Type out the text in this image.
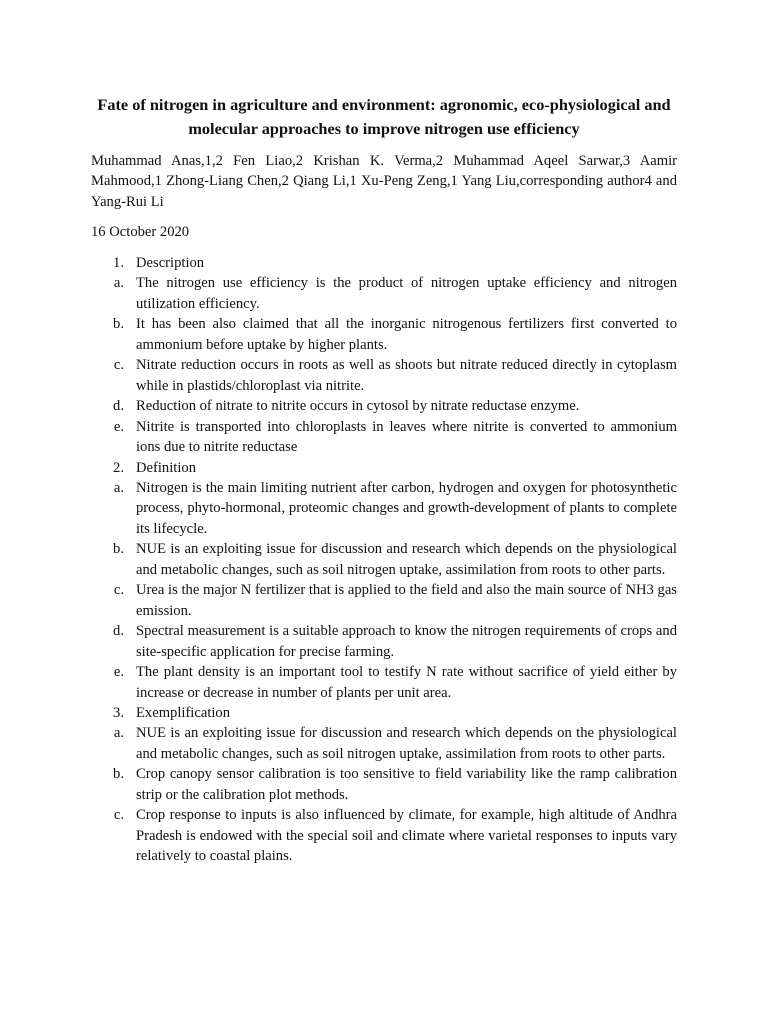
Fate of nitrogen in agriculture and environment: agronomic, eco-physiological and molecular approaches to improve nitrogen use efficiency
Muhammad Anas,1,2 Fen Liao,2 Krishan K. Verma,2 Muhammad Aqeel Sarwar,3 Aamir Mahmood,1 Zhong-Liang Chen,2 Qiang Li,1 Xu-Peng Zeng,1 Yang Liu,corresponding author4 and Yang-Rui Li
16 October 2020
1. Description
a. The nitrogen use efficiency is the product of nitrogen uptake efficiency and nitrogen utilization efficiency.
b. It has been also claimed that all the inorganic nitrogenous fertilizers first converted to ammonium before uptake by higher plants.
c. Nitrate reduction occurs in roots as well as shoots but nitrate reduced directly in cytoplasm while in plastids/chloroplast via nitrite.
d. Reduction of nitrate to nitrite occurs in cytosol by nitrate reductase enzyme.
e. Nitrite is transported into chloroplasts in leaves where nitrite is converted to ammonium ions due to nitrite reductase
2. Definition
a. Nitrogen is the main limiting nutrient after carbon, hydrogen and oxygen for photosynthetic process, phyto-hormonal, proteomic changes and growth-development of plants to complete its lifecycle.
b. NUE is an exploiting issue for discussion and research which depends on the physiological and metabolic changes, such as soil nitrogen uptake, assimilation from roots to other parts.
c. Urea is the major N fertilizer that is applied to the field and also the main source of NH3 gas emission.
d. Spectral measurement is a suitable approach to know the nitrogen requirements of crops and site-specific application for precise farming.
e. The plant density is an important tool to testify N rate without sacrifice of yield either by increase or decrease in number of plants per unit area.
3. Exemplification
a. NUE is an exploiting issue for discussion and research which depends on the physiological and metabolic changes, such as soil nitrogen uptake, assimilation from roots to other parts.
b. Crop canopy sensor calibration is too sensitive to field variability like the ramp calibration strip or the calibration plot methods.
c. Crop response to inputs is also influenced by climate, for example, high altitude of Andhra Pradesh is endowed with the special soil and climate where varietal responses to inputs vary relatively to coastal plains.
